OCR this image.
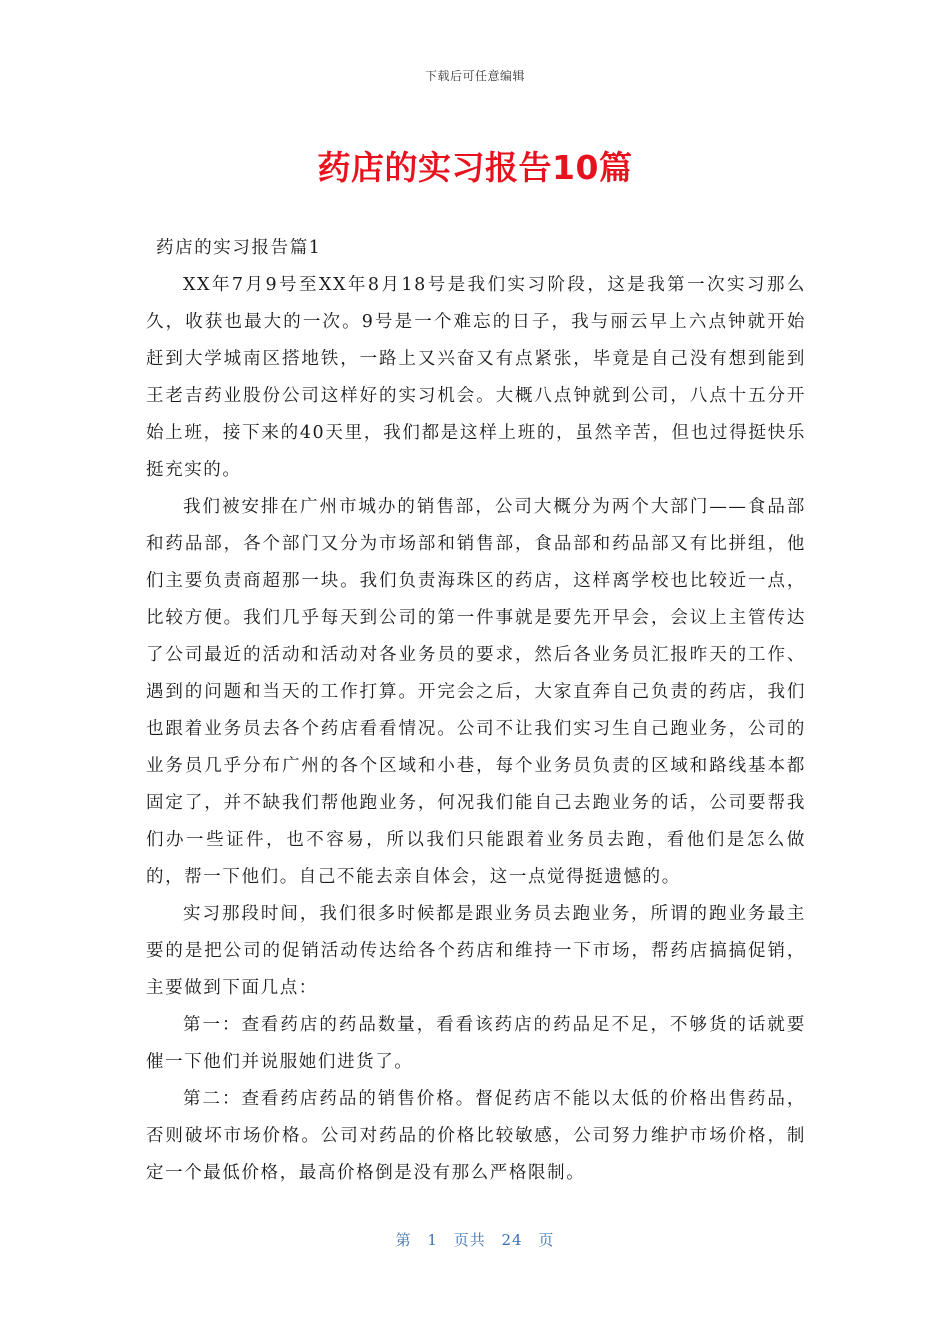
下载后可任意编辑
药店的实习报告10篇

药店的实习报告篇1

XX年7月9号至XX年8月18号是我们实习阶段，这是我第一次实习那么久，收获也最大的一次。9号是一个难忘的日子，我与丽云早上六点钟就开始赶到大学城南区搭地铁，一路上又兴奋又有点紧张，毕竟是自己没有想到能到王老吉药业股份公司这样好的实习机会。大概八点钟就到公司，八点十五分开始上班，接下来的40天里，我们都是这样上班的，虽然辛苦，但也过得挺快乐挺充实的。

我们被安排在广州市城办的销售部，公司大概分为两个大部门——食品部和药品部，各个部门又分为市场部和销售部，食品部和药品部又有比拼组，他们主要负责商超那一块。我们负责海珠区的药店，这样离学校也比较近一点，比较方便。我们几乎每天到公司的第一件事就是要先开早会，会议上主管传达了公司最近的活动和活动对各业务员的要求，然后各业务员汇报昨天的工作、遇到的问题和当天的工作打算。开完会之后，大家直奔自己负责的药店，我们也跟着业务员去各个药店看看情况。公司不让我们实习生自己跑业务，公司的业务员几乎分布广州的各个区域和小巷，每个业务员负责的区域和路线基本都固定了，并不缺我们帮他跑业务，何况我们能自己去跑业务的话，公司要帮我们办一些证件，也不容易，所以我们只能跟着业务员去跑，看他们是怎么做的，帮一下他们。自己不能去亲自体会，这一点觉得挺遗憾的。

实习那段时间，我们很多时候都是跟业务员去跑业务，所谓的跑业务最主要的是把公司的促销活动传达给各个药店和维持一下市场，帮药店搞搞促销，主要做到下面几点：

第一：查看药店的药品数量，看看该药店的药品足不足，不够货的话就要催一下他们并说服她们进货了。

第二：查看药店药品的销售价格。督促药店不能以太低的价格出售药品，否则破坏市场价格。公司对药品的价格比较敏感，公司努力维护市场价格，制定一个最低价格，最高价格倒是没有那么严格限制。

第 1 页共 24 页
